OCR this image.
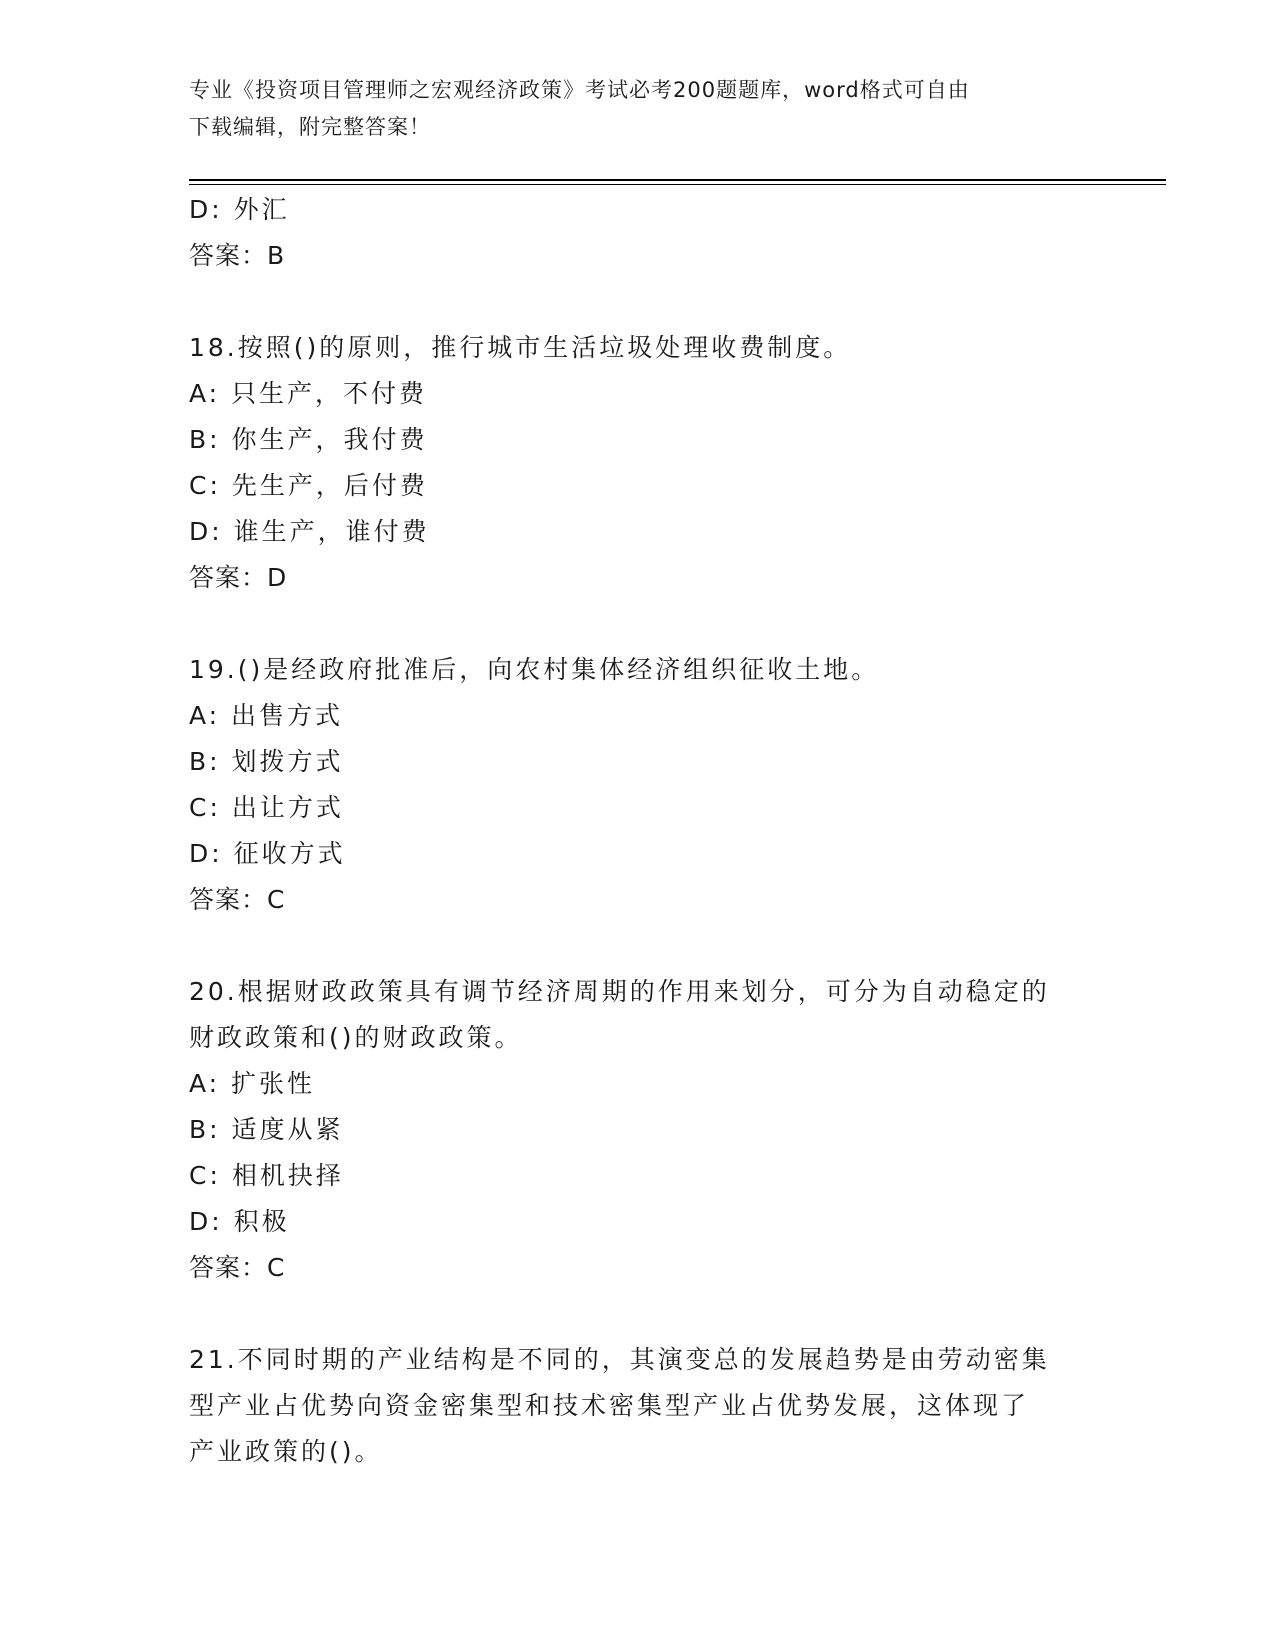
专业《投资项目管理师之宏观经济政策》考试必考200题题库，word格式可自由
下载编辑，附完整答案！
D: 外汇
答案：B
18.按照()的原则，推行城市生活垃圾处理收费制度。
A: 只生产，不付费
B: 你生产，我付费
C: 先生产，后付费
D: 谁生产，谁付费
答案：D
19.()是经政府批准后，向农村集体经济组织征收土地。
A: 出售方式
B: 划拨方式
C: 出让方式
D: 征收方式
答案：C
20.根据财政政策具有调节经济周期的作用来划分，可分为自动稳定的
财政政策和()的财政政策。
A: 扩张性
B: 适度从紧
C: 相机抉择
D: 积极
答案：C
21.不同时期的产业结构是不同的，其演变总的发展趋势是由劳动密集
型产业占优势向资金密集型和技术密集型产业占优势发展，这体现了
产业政策的()。
